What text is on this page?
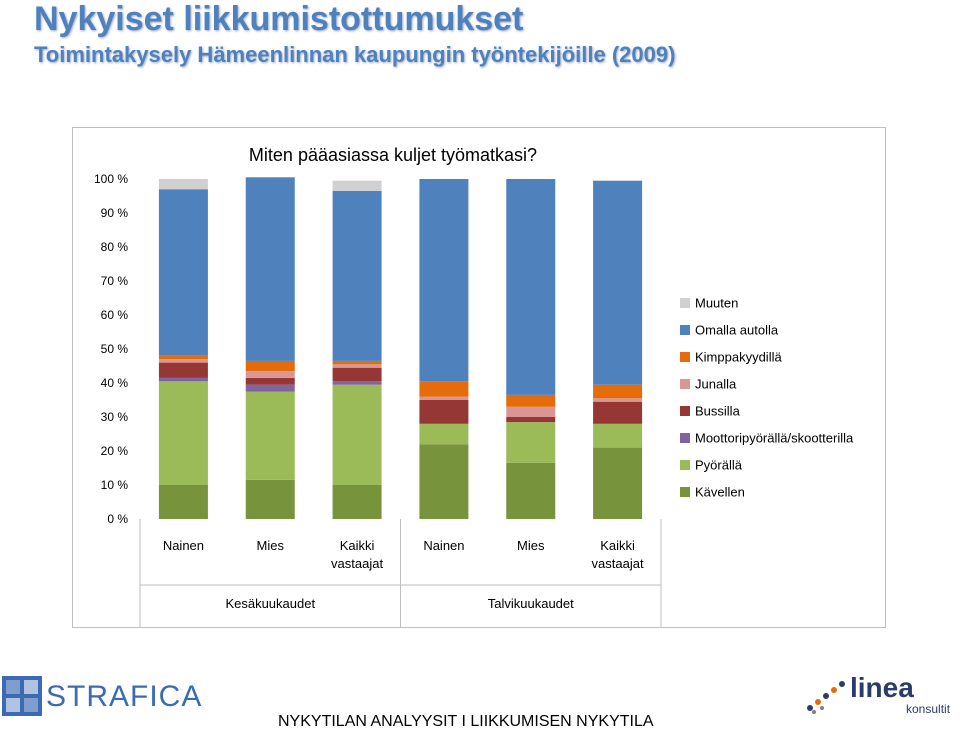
Nykyiset liikkumistottumukset
Toimintakysely Hämeenlinnan kaupungin työntekijöille (2009)
Miten pääasiassa kuljet työmatkasi?
0 %
10 %
20 %
30 %
40 %
50 %
60 %
70 %
80 %
90 %
100 %
Nainen	Mies	Kaikki
vastaajat
Nainen	Mies	Kaikki
vastaajat
Kesäkuukaudet	Talvikuukaudet
Muuten
Omalla autolla
Kimppakyydillä
Junalla
Bussilla
Moottoripyörällä/skootterilla
Pyörällä
Kävellen
STRAFICA	linea
konsultit
NYKYTILAN ANALYYSIT I LIIKKUMISEN NYKYTILA
